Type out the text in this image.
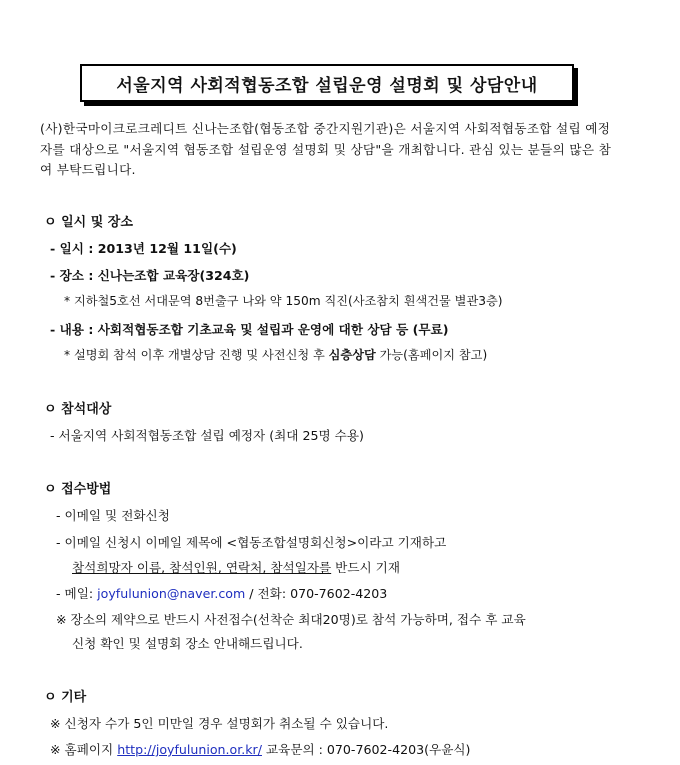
서울지역 사회적협동조합 설립운영 설명회 및 상담안내
(사)한국마이크로크레디트 신나는조합(협동조합 중간지원기관)은 서울지역 사회적협동조합 설립 예정자를 대상으로 "서울지역 협동조합 설립운영 설명회 및 상담"을 개최합니다. 관심 있는 분들의 많은 참여 부탁드립니다.
ㅇ 일시 및 장소
- 일시 : 2013년 12월 11일(수)
- 장소 : 신나는조합 교육장(324호)
* 지하철5호선 서대문역 8번출구 나와 약 150m 직진(사조참치 흰색건물 별관3층)
- 내용 : 사회적협동조합 기초교육 및 설립과 운영에 대한 상담 등 (무료)
* 설명회 참석 이후 개별상담 진행 및 사전신청 후 심층상담 가능(홈페이지 참고)
ㅇ 참석대상
- 서울지역 사회적협동조합 설립 예정자 (최대 25명 수용)
ㅇ 접수방법
- 이메일 및 전화신청
- 이메일 신청시 이메일 제목에 <협동조합설명회신청>이라고 기재하고
참석희망자 이름, 참석인원, 연락처, 참석일자를 반드시 기재
- 메일: joyfulunion@naver.com / 전화: 070-7602-4203
※ 장소의 제약으로 반드시 사전접수(선착순 최대20명)로 참석 가능하며, 접수 후 교육
신청 확인 및 설명회 장소 안내해드립니다.
ㅇ 기타
※ 신청자 수가 5인 미만일 경우 설명회가 취소될 수 있습니다.
※ 홈페이지 http://joyfulunion.or.kr/ 교육문의 : 070-7602-4203(우윤식)
